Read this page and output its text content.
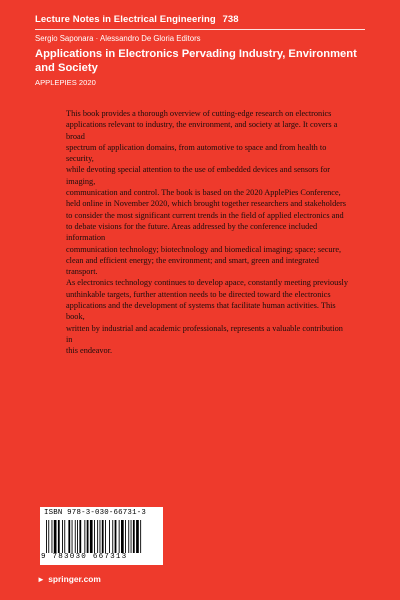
Lecture Notes in Electrical Engineering 738
Sergio Saponara · Alessandro De Gloria Editors
Applications in Electronics Pervading Industry, Environment
and Society
APPLEPIES 2020
This book provides a thorough overview of cutting-edge research on electronics
applications relevant to industry, the environment, and society at large. It covers a broad
spectrum of application domains, from automotive to space and from health to security,
while devoting special attention to the use of embedded devices and sensors for imaging,
communication and control. The book is based on the 2020 ApplePies Conference,
held online in November 2020, which brought together researchers and stakeholders
to consider the most significant current trends in the field of applied electronics and
to debate visions for the future. Areas addressed by the conference included information
communication technology; biotechnology and biomedical imaging; space; secure,
clean and efficient energy; the environment; and smart, green and integrated transport.
As electronics technology continues to develop apace, constantly meeting previously
unthinkable targets, further attention needs to be directed toward the electronics
applications and the development of systems that facilitate human activities. This book,
written by industrial and academic professionals, represents a valuable contribution in
this endeavor.
ISBN 978-3-030-66731-3
9 783030 667313
► springer.com
